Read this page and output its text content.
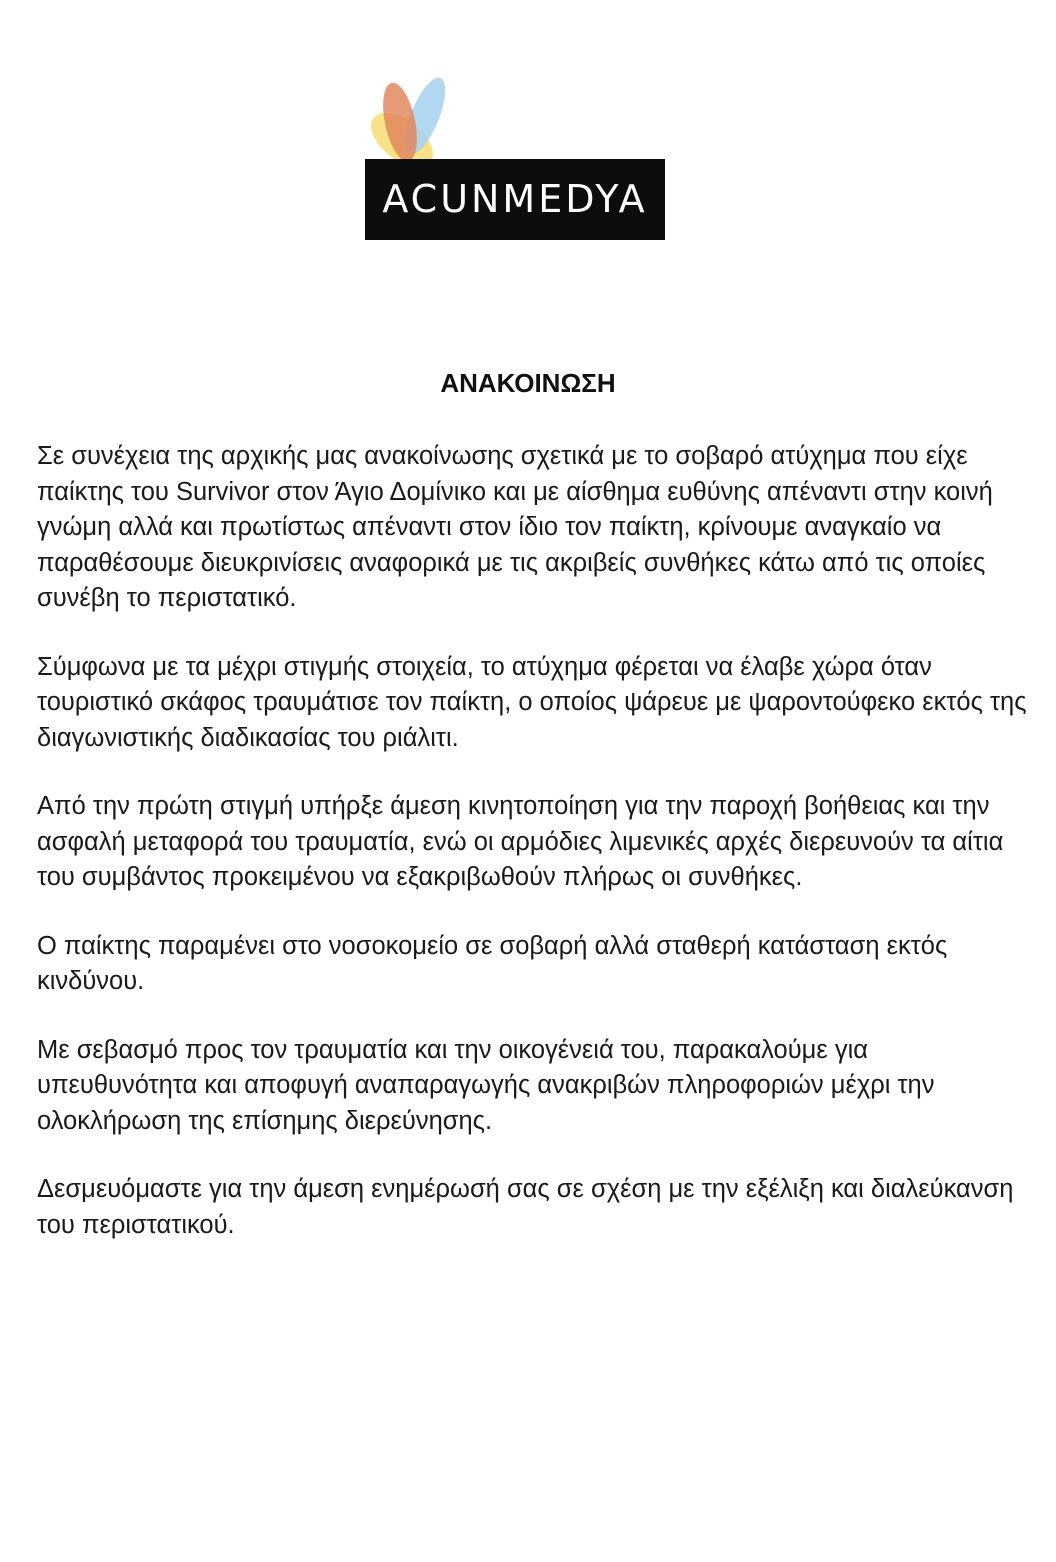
ACUNMEDYA
ΑΝΑΚΟΙΝΩΣΗ

Σε συνέχεια της αρχικής μας ανακοίνωσης σχετικά με το σοβαρό ατύχημα που είχε παίκτης του Survivor στον Άγιο Δομίνικο και με αίσθημα ευθύνης απέναντι στην κοινή γνώμη αλλά και πρωτίστως απέναντι στον ίδιο τον παίκτη, κρίνουμε αναγκαίο να παραθέσουμε διευκρινίσεις αναφορικά με τις ακριβείς συνθήκες κάτω από τις οποίες συνέβη το περιστατικό.

Σύμφωνα με τα μέχρι στιγμής στοιχεία, το ατύχημα φέρεται να έλαβε χώρα όταν τουριστικό σκάφος τραυμάτισε τον παίκτη, ο οποίος ψάρευε με ψαροντούφεκο εκτός της διαγωνιστικής διαδικασίας του ριάλιτι.

Από την πρώτη στιγμή υπήρξε άμεση κινητοποίηση για την παροχή βοήθειας και την ασφαλή μεταφορά του τραυματία, ενώ οι αρμόδιες λιμενικές αρχές διερευνούν τα αίτια του συμβάντος προκειμένου να εξακριβωθούν πλήρως οι συνθήκες.

Ο παίκτης παραμένει στο νοσοκομείο σε σοβαρή αλλά σταθερή κατάσταση εκτός κινδύνου.

Με σεβασμό προς τον τραυματία και την οικογένειά του, παρακαλούμε για υπευθυνότητα και αποφυγή αναπαραγωγής ανακριβών πληροφοριών μέχρι την ολοκλήρωση της επίσημης διερεύνησης.

Δεσμευόμαστε για την άμεση ενημέρωσή σας σε σχέση με την εξέλιξη και διαλεύκανση του περιστατικού.
